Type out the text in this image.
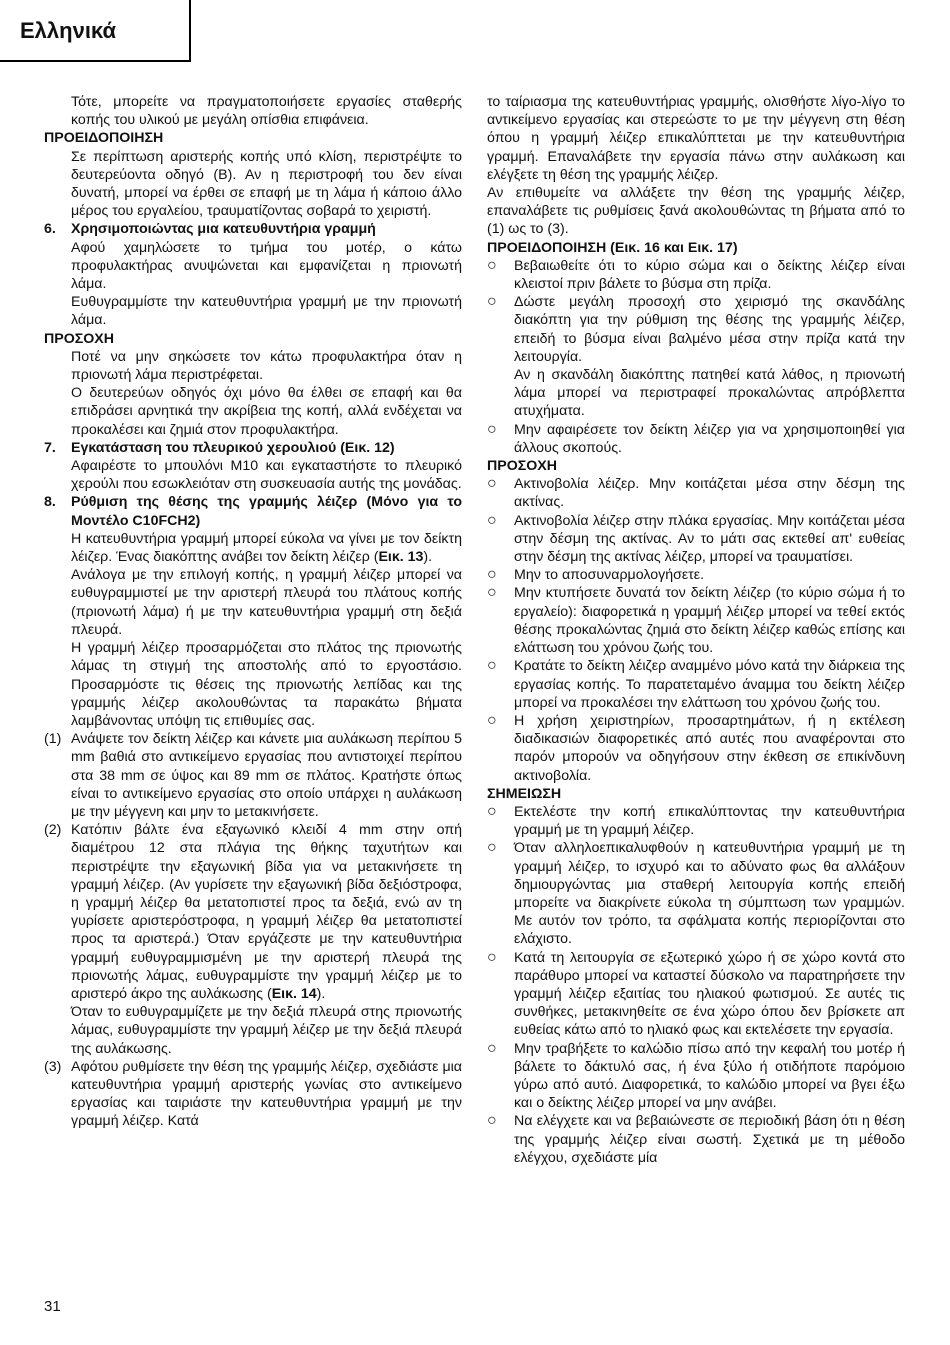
Ελληνικά

Τότε, μπορείτε να πραγματοποιήσετε εργασίες σταθερής κοπής του υλικού με μεγάλη οπίσθια επιφάνεια.

ΠΡΟΕΙΔΟΠΟΙΗΣΗ

Σε περίπτωση αριστερής κοπής υπό κλίση, περιστρέψτε το δευτερεύοντα οδηγό (B). Αν η περιστροφή του δεν είναι δυνατή, μπορεί να έρθει σε επαφή με τη λάμα ή κάποιο άλλο μέρος του εργαλείου, τραυματίζοντας σοβαρά το χειριστή.

6.	Χρησιμοποιώντας μια κατευθυντήρια γραμμή

Αφού χαμηλώσετε το τμήμα του μοτέρ, ο κάτω προφυλακτήρας ανυψώνεται και εμφανίζεται η πριονωτή λάμα.

Ευθυγραμμίστε την κατευθυντήρια γραμμή με την πριονωτή λάμα.

ΠΡΟΣΟΧΗ

Ποτέ να μην σηκώσετε τον κάτω προφυλακτήρα όταν η πριονωτή λάμα περιστρέφεται.

Ο δευτερεύων οδηγός όχι μόνο θα έλθει σε επαφή και θα επιδράσει αρνητικά την ακρίβεια της κοπή, αλλά ενδέχεται να προκαλέσει και ζημιά στον προφυλακτήρα.

7.	Εγκατάσταση του πλευρικού χερουλιού (Εικ. 12)

Αφαιρέστε το μπουλόνι M10 και εγκαταστήστε το πλευρικό χερούλι που εσωκλειόταν στη συσκευασία αυτής της μονάδας.

8.	Ρύθμιση της θέσης της γραμμής λέιζερ (Μόνο για το Μοντέλο C10FCH2)

Η κατευθυντήρια γραμμή μπορεί εύκολα να γίνει με τον δείκτη λέιζερ. Ένας διακόπτης ανάβει τον δείκτη λέιζερ (Εικ. 13).

Ανάλογα με την επιλογή κοπής, η γραμμή λέιζερ μπορεί να ευθυγραμμιστεί με την αριστερή πλευρά του πλάτους κοπής (πριονωτή λάμα) ή με την κατευθυντήρια γραμμή στη δεξιά πλευρά.

Η γραμμή λέιζερ προσαρμόζεται στο πλάτος της πριονωτής λάμας τη στιγμή της αποστολής από το εργοστάσιο. Προσαρμόστε τις θέσεις της πριονωτής λεπίδας και της γραμμής λέιζερ ακολουθώντας τα παρακάτω βήματα λαμβάνοντας υπόψη τις επιθυμίες σας.

(1) Ανάψετε τον δείκτη λέιζερ και κάνετε μια αυλάκωση περίπου 5 mm βαθιά στο αντικείμενο εργασίας που αντιστοιχεί περίπου στα 38 mm σε ύψος και 89 mm σε πλάτος. Κρατήστε όπως είναι το αντικείμενο εργασίας στο οποίο υπάρχει η αυλάκωση με την μέγγενη και μην το μετακινήσετε.
(2) Κατόπιν βάλτε ένα εξαγωνικό κλειδί 4 mm στην οπή διαμέτρου 12 στα πλάγια της θήκης ταχυτήτων και περιστρέψτε την εξαγωνική βίδα για να μετακινήσετε τη γραμμή λέιζερ. (Αν γυρίσετε την εξαγωνική βίδα δεξιόστροφα, η γραμμή λέιζερ θα μετατοπιστεί προς τα δεξιά, ενώ αν τη γυρίσετε αριστερόστροφα, η γραμμή λέιζερ θα μετατοπιστεί προς τα αριστερά.) Όταν εργάζεστε με την κατευθυντήρια γραμμή ευθυγραμμισμένη με την αριστερή πλευρά της πριονωτής λάμας, ευθυγραμμίστε την γραμμή λέιζερ με το αριστερό άκρο της αυλάκωσης (Εικ. 14).

Όταν το ευθυγραμμίζετε με την δεξιά πλευρά στης πριονωτής λάμας, ευθυγραμμίστε την γραμμή λέιζερ με την δεξιά πλευρά της αυλάκωσης.

(3) Αφότου ρυθμίσετε την θέση της γραμμής λέιζερ, σχεδιάστε μια κατευθυντήρια γραμμή αριστερής γωνίας στο αντικείμενο εργασίας και ταιριάστε την κατευθυντήρια γραμμή με την γραμμή λέιζερ. Κατά

το ταίριασμα της κατευθυντήριας γραμμής, ολισθήστε λίγο-λίγο το αντικείμενο εργασίας και στερεώστε το με την μέγγενη στη θέση όπου η γραμμή λέιζερ επικαλύπτεται με την κατευθυντήρια γραμμή. Επαναλάβετε την εργασία πάνω στην αυλάκωση και ελέγξετε τη θέση της γραμμής λέιζερ.

Αν επιθυμείτε να αλλάξετε την θέση της γραμμής λέιζερ, επαναλάβετε τις ρυθμίσεις ξανά ακολουθώντας τη βήματα από το (1) ως το (3).

ΠΡΟΕΙΔΟΠΟΙΗΣΗ (Εικ. 16 και Εικ. 17)

○	Βεβαιωθείτε ότι το κύριο σώμα και ο δείκτης λέιζερ είναι κλειστοί πριν βάλετε το βύσμα στη πρίζα.
○	Δώστε μεγάλη προσοχή στο χειρισμό της σκανδάλης διακόπτη για την ρύθμιση της θέσης της γραμμής λέιζερ, επειδή το βύσμα είναι βαλμένο μέσα στην πρίζα κατά την λειτουργία.

Αν η σκανδάλη διακόπτης πατηθεί κατά λάθος, η πριονωτή λάμα μπορεί να περιστραφεί προκαλώντας απρόβλεπτα ατυχήματα.

○	Μην αφαιρέσετε τον δείκτη λέιζερ για να χρησιμοποιηθεί για άλλους σκοπούς.

ΠΡΟΣΟΧΗ

○	Ακτινοβολία λέιζερ. Μην κοιτάζεται μέσα στην δέσμη της ακτίνας.
○	Ακτινοβολία λέιζερ στην πλάκα εργασίας. Μην κοιτάζεται μέσα στην δέσμη της ακτίνας. Αν το μάτι σας εκτεθεί απ' ευθείας στην δέσμη της ακτίνας λέιζερ, μπορεί να τραυματίσει.
○	Μην το αποσυναρμολογήσετε.
○	Μην κτυπήσετε δυνατά τον δείκτη λέιζερ (το κύριο σώμα ή το εργαλείο): διαφορετικά η γραμμή λέιζερ μπορεί να τεθεί εκτός θέσης προκαλώντας ζημιά στο δείκτη λέιζερ καθώς επίσης και ελάττωση του χρόνου ζωής του.
○	Κρατάτε το δείκτη λέιζερ αναμμένο μόνο κατά την διάρκεια της εργασίας κοπής. Το παρατεταμένο άναμμα του δείκτη λέιζερ μπορεί να προκαλέσει την ελάττωση του χρόνου ζωής του.
○	Η χρήση χειριστηρίων, προσαρτημάτων, ή η εκτέλεση διαδικασιών διαφορετικές από αυτές που αναφέρονται στο παρόν μπορούν να οδηγήσουν στην έκθεση σε επικίνδυνη ακτινοβολία.

ΣΗΜΕΙΩΣΗ

○	Εκτελέστε την κοπή επικαλύπτοντας την κατευθυντήρια γραμμή με τη γραμμή λέιζερ.
○	Όταν αλληλοεπικαλυφθούν η κατευθυντήρια γραμμή με τη γραμμή λέιζερ, το ισχυρό και το αδύνατο φως θα αλλάξουν δημιουργώντας μια σταθερή λειτουργία κοπής επειδή μπορείτε να διακρίνετε εύκολα τη σύμπτωση των γραμμών. Με αυτόν τον τρόπο, τα σφάλματα κοπής περιορίζονται στο ελάχιστο.
○	Κατά τη λειτουργία σε εξωτερικό χώρο ή σε χώρο κοντά στο παράθυρο μπορεί να καταστεί δύσκολο να παρατηρήσετε την γραμμή λέιζερ εξαιτίας του ηλιακού φωτισμού. Σε αυτές τις συνθήκες, μετακινηθείτε σε ένα χώρο όπου δεν βρίσκετε απ ευθείας κάτω από το ηλιακό φως και εκτελέσετε την εργασία.
○	Μην τραβήξετε το καλώδιο πίσω από την κεφαλή του μοτέρ ή βάλετε το δάκτυλό σας, ή ένα ξύλο ή οτιδήποτε παρόμοιο γύρω από αυτό. Διαφορετικά, το καλώδιο μπορεί να βγει έξω και ο δείκτης λέιζερ μπορεί να μην ανάβει.
○	Να ελέγχετε και να βεβαιώνεστε σε περιοδική βάση ότι η θέση της γραμμής λέιζερ είναι σωστή. Σχετικά με τη μέθοδο ελέγχου, σχεδιάστε μία
31
